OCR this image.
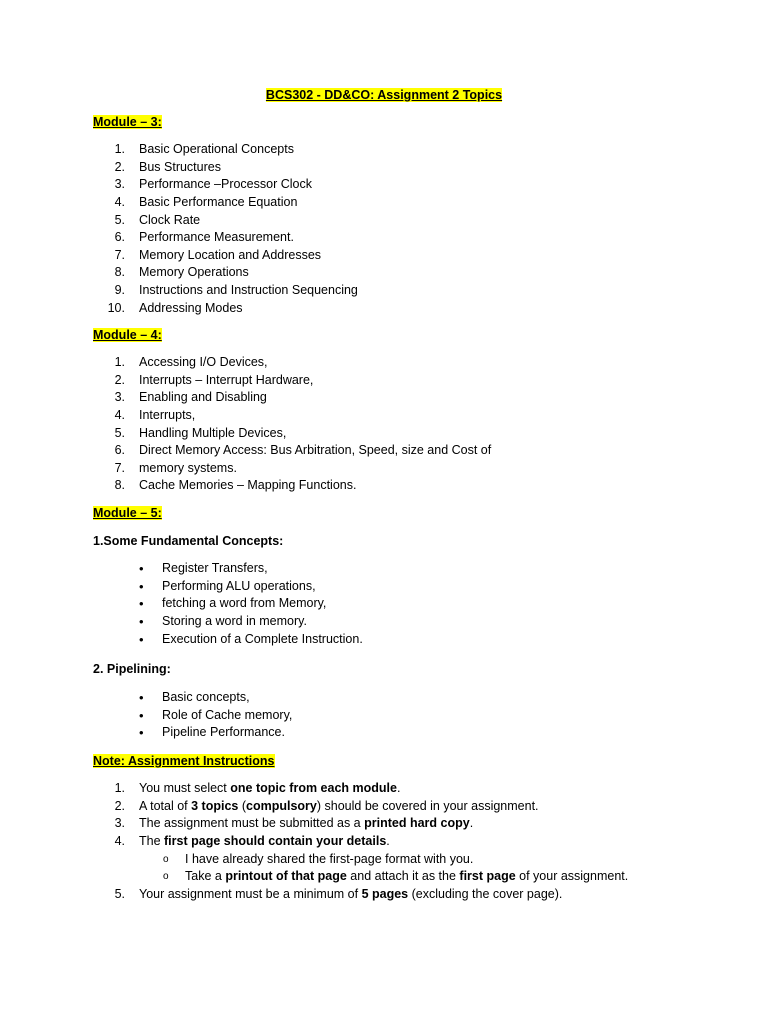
BCS302 - DD&CO: Assignment 2 Topics
Module – 3:
1. Basic Operational Concepts
2. Bus Structures
3. Performance –Processor Clock
4. Basic Performance Equation
5. Clock Rate
6. Performance Measurement.
7. Memory Location and Addresses
8. Memory Operations
9. Instructions and Instruction Sequencing
10. Addressing Modes
Module – 4:
1. Accessing I/O Devices,
2. Interrupts – Interrupt Hardware,
3. Enabling and Disabling
4. Interrupts,
5. Handling Multiple Devices,
6. Direct Memory Access: Bus Arbitration, Speed, size and Cost of
7. memory systems.
8. Cache Memories – Mapping Functions.
Module – 5:
1.Some Fundamental Concepts:
• Register Transfers,
• Performing ALU operations,
• fetching a word from Memory,
• Storing a word in memory.
• Execution of a Complete Instruction.
2. Pipelining:
• Basic concepts,
• Role of Cache memory,
• Pipeline Performance.
Note: Assignment Instructions
1. You must select one topic from each module.
2. A total of 3 topics (compulsory) should be covered in your assignment.
3. The assignment must be submitted as a printed hard copy.
4. The first page should contain your details.
o I have already shared the first-page format with you.
o Take a printout of that page and attach it as the first page of your assignment.
5. Your assignment must be a minimum of 5 pages (excluding the cover page).
